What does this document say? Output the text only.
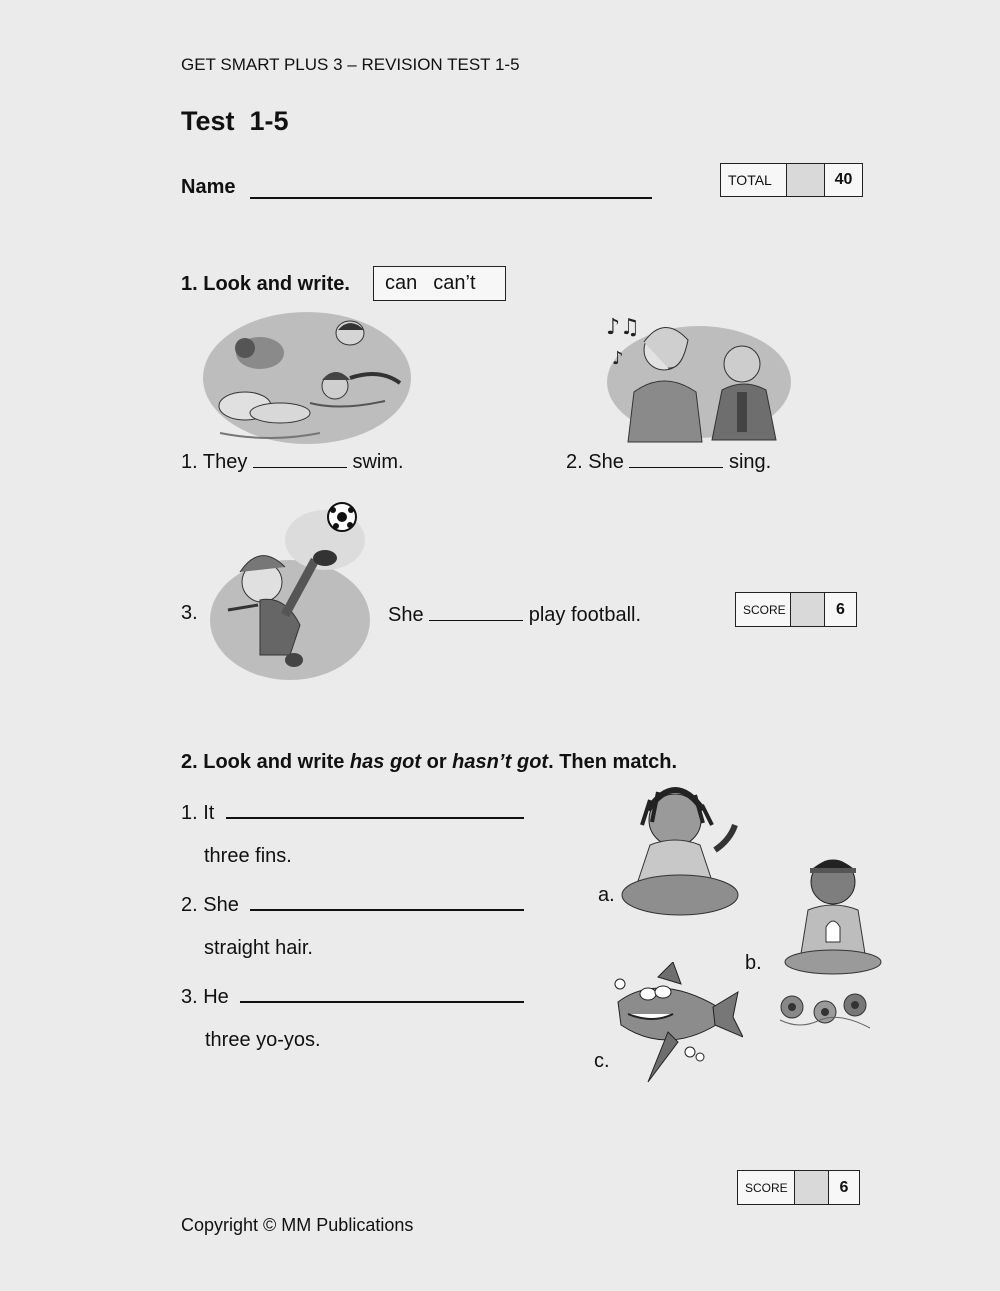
GET SMART PLUS 3 – REVISION TEST 1-5
Test  1-5
Name	TOTAL	40
1. Look and write. can can’t
♪♫
♪
1. They	swim.	2. She	sing.
3.	She	play football.	SCORE	6
2. Look and write has got or hasn’t got. Then match.
1. It
three fins.
2. She
straight hair.
3. He
three yo-yos.
a.
b.
c.
SCORE	6
Copyright © MM Publications
